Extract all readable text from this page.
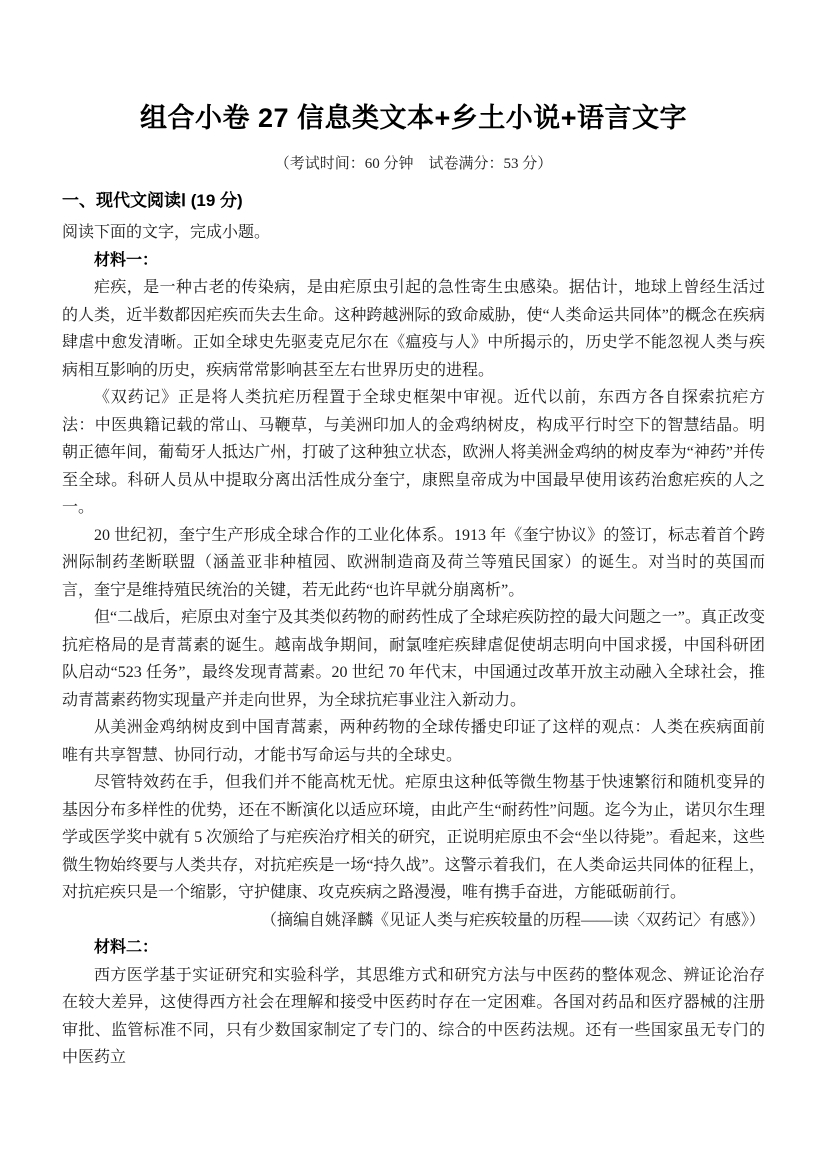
组合小卷 27 信息类文本+乡土小说+语言文字

（考试时间：60 分钟　试卷满分：53 分）

一、现代文阅读Ⅰ (19 分)

阅读下面的文字，完成小题。

材料一：

疟疾，是一种古老的传染病，是由疟原虫引起的急性寄生虫感染。据估计，地球上曾经生活过的人类，近半数都因疟疾而失去生命。这种跨越洲际的致命威胁，使“人类命运共同体”的概念在疾病肆虐中愈发清晰。正如全球史先驱麦克尼尔在《瘟疫与人》中所揭示的，历史学不能忽视人类与疾病相互影响的历史，疾病常常影响甚至左右世界历史的进程。

《双药记》正是将人类抗疟历程置于全球史框架中审视。近代以前，东西方各自探索抗疟方法：中医典籍记载的常山、马鞭草，与美洲印加人的金鸡纳树皮，构成平行时空下的智慧结晶。明朝正德年间，葡萄牙人抵达广州，打破了这种独立状态，欧洲人将美洲金鸡纳的树皮奉为“神药”并传至全球。科研人员从中提取分离出活性成分奎宁，康熙皇帝成为中国最早使用该药治愈疟疾的人之一。

20 世纪初，奎宁生产形成全球合作的工业化体系。1913 年《奎宁协议》的签订，标志着首个跨洲际制药垄断联盟（涵盖亚非种植园、欧洲制造商及荷兰等殖民国家）的诞生。对当时的英国而言，奎宁是维持殖民统治的关键，若无此药“也许早就分崩离析”。

但“二战后，疟原虫对奎宁及其类似药物的耐药性成了全球疟疾防控的最大问题之一”。真正改变抗疟格局的是青蒿素的诞生。越南战争期间，耐氯喹疟疾肆虐促使胡志明向中国求援，中国科研团队启动“523 任务”，最终发现青蒿素。20 世纪 70 年代末，中国通过改革开放主动融入全球社会，推动青蒿素药物实现量产并走向世界，为全球抗疟事业注入新动力。

从美洲金鸡纳树皮到中国青蒿素，两种药物的全球传播史印证了这样的观点：人类在疾病面前唯有共享智慧、协同行动，才能书写命运与共的全球史。

尽管特效药在手，但我们并不能高枕无忧。疟原虫这种低等微生物基于快速繁衍和随机变异的基因分布多样性的优势，还在不断演化以适应环境，由此产生“耐药性”问题。迄今为止，诺贝尔生理学或医学奖中就有 5 次颁给了与疟疾治疗相关的研究，正说明疟原虫不会“坐以待毙”。看起来，这些微生物始终要与人类共存，对抗疟疾是一场“持久战”。这警示着我们，在人类命运共同体的征程上，对抗疟疾只是一个缩影，守护健康、攻克疾病之路漫漫，唯有携手奋进，方能砥砺前行。

（摘编自姚泽麟《见证人类与疟疾较量的历程——读〈双药记〉有感》）

材料二：

西方医学基于实证研究和实验科学，其思维方式和研究方法与中医药的整体观念、辨证论治存在较大差异，这使得西方社会在理解和接受中医药时存在一定困难。各国对药品和医疗器械的注册审批、监管标准不同，只有少数国家制定了专门的、综合的中医药法规。还有一些国家虽无专门的中医药立
